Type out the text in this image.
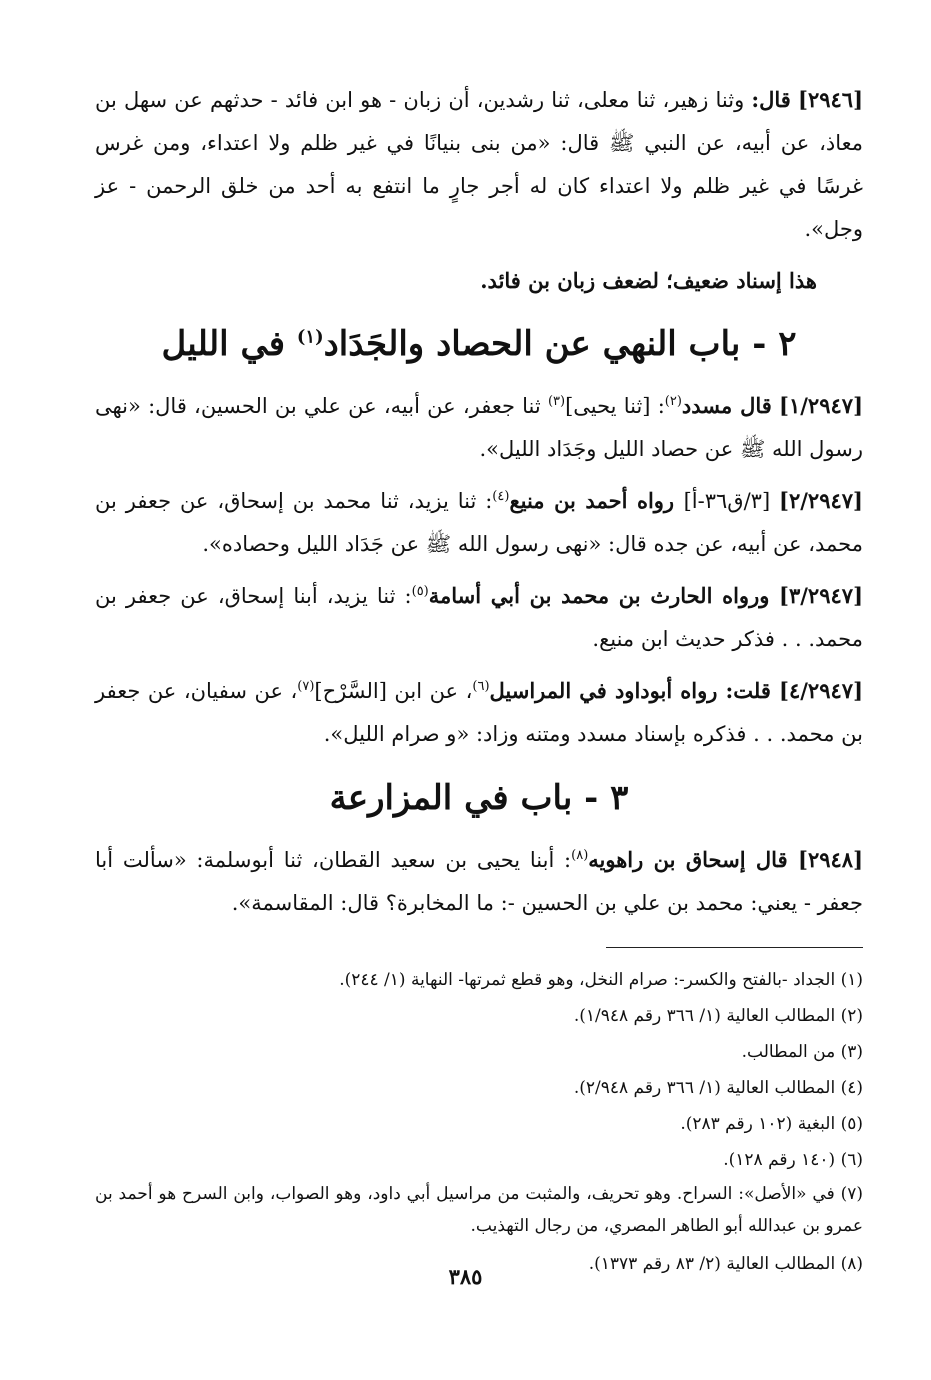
[٢٩٤٦] قال: وثنا زهير، ثنا معلى، ثنا رشدين، أن زبان - هو ابن فائد - حدثهم عن سهل بن معاذ، عن أبيه، عن النبي ﷺ قال: «من بنى بنيانًا في غير ظلم ولا اعتداء، ومن غرس غرسًا في غير ظلم ولا اعتداء كان له أجر جارٍ ما انتفع به أحد من خلق الرحمن - عز وجل».

هذا إسناد ضعيف؛ لضعف زبان بن فائد.

٢ - باب النهي عن الحصاد والجَدَاد$^{(١)}$ في الليل

[١/٢٩٤٧] قال مسدد$^{(٢)}$: [ثنا يحيى]$^{(٣)}$ ثنا جعفر، عن أبيه، عن علي بن الحسين، قال: «نهى رسول الله ﷺ عن حصاد الليل وجَدَاد الليل».

[٢/٢٩٤٧] [٣/ق٣٦-أ] رواه أحمد بن منيع$^{(٤)}$: ثنا يزيد، ثنا محمد بن إسحاق، عن جعفر بن محمد، عن أبيه، عن جده قال: «نهى رسول الله ﷺ عن جَدَاد الليل وحصاده».

[٣/٢٩٤٧] ورواه الحارث بن محمد بن أبي أسامة$^{(٥)}$: ثنا يزيد، أبنا إسحاق، عن جعفر بن محمد. . . فذكر حديث ابن منيع.

[٤/٢٩٤٧] قلت: رواه أبوداود في المراسيل$^{(٦)}$، عن ابن [السَّرْح]$^{(٧)}$، عن سفيان، عن جعفر بن محمد. . . فذكره بإسناد مسدد ومتنه وزاد: «و صرام الليل».

٣ - باب في المزارعة

[٢٩٤٨] قال إسحاق بن راهويه$^{(٨)}$: أبنا يحيى بن سعيد القطان، ثنا أبوسلمة: «سألت أبا جعفر - يعني: محمد بن علي بن الحسين -: ما المخابرة؟ قال: المقاسمة».

(١) الجداد -بالفتح والكسر-: صرام النخل، وهو قطع ثمرتها- النهاية (١/ ٢٤٤).
(٢) المطالب العالية (١/ ٣٦٦ رقم ١/٩٤٨).
(٣) من المطالب.
(٤) المطالب العالية (١/ ٣٦٦ رقم ٢/٩٤٨).
(٥) البغية (١٠٢ رقم ٢٨٣).
(٦) (١٤٠ رقم ١٢٨).
(٧) في «الأصل»: السراح. وهو تحريف، والمثبت من مراسيل أبي داود، وهو الصواب، وابن السرح هو أحمد بن عمرو بن عبدالله أبو الطاهر المصري، من رجال التهذيب.
(٨) المطالب العالية (٢/ ٨٣ رقم ١٣٧٣).
٣٨٥
